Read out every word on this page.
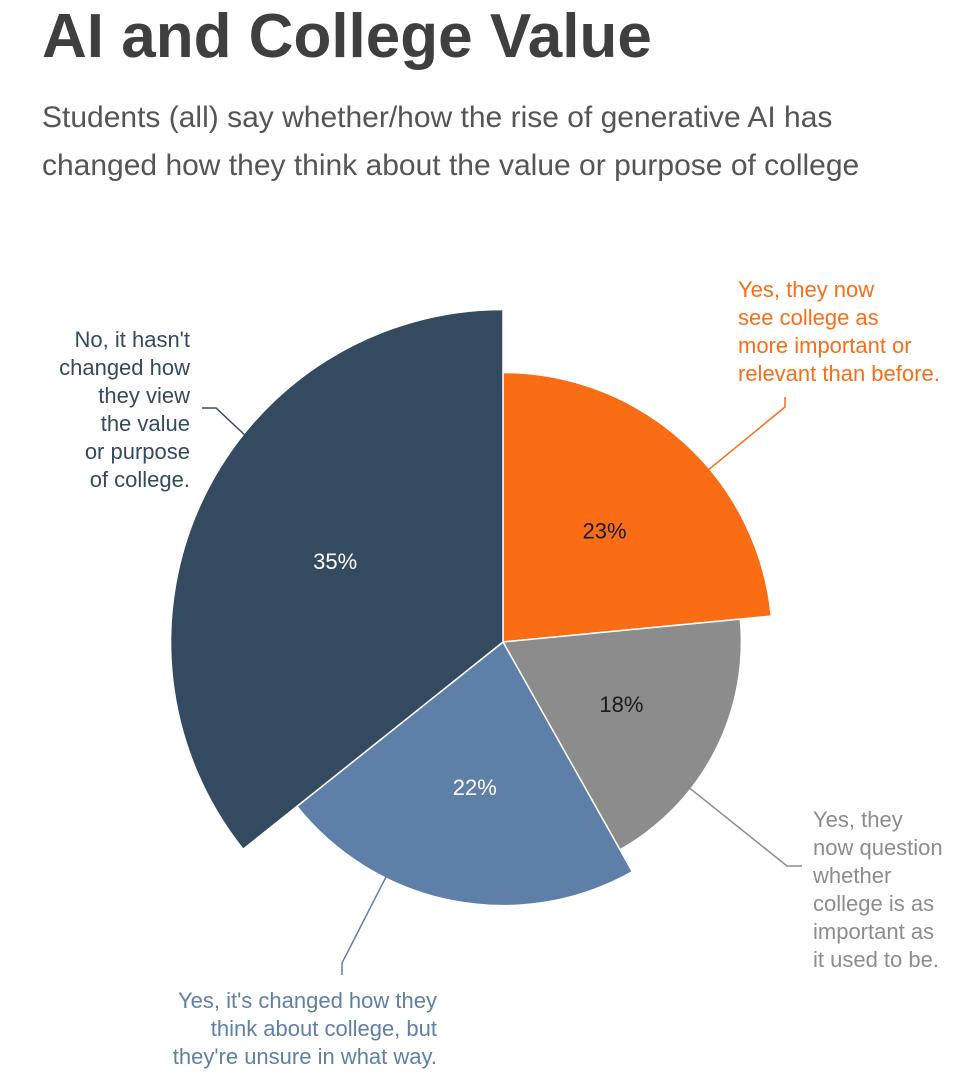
AI and College Value

Students (all) say whether/how the rise of generative AI has changed how they think about the value or purpose of college

23%
Yes, they now see college as more important or relevant than before.
18%
Yes, they now question whether college is as important as it used to be.
22%
Yes, it's changed how they think about college, but they're unsure in what way.
35%
No, it hasn't changed how they view the value or purpose of college.
